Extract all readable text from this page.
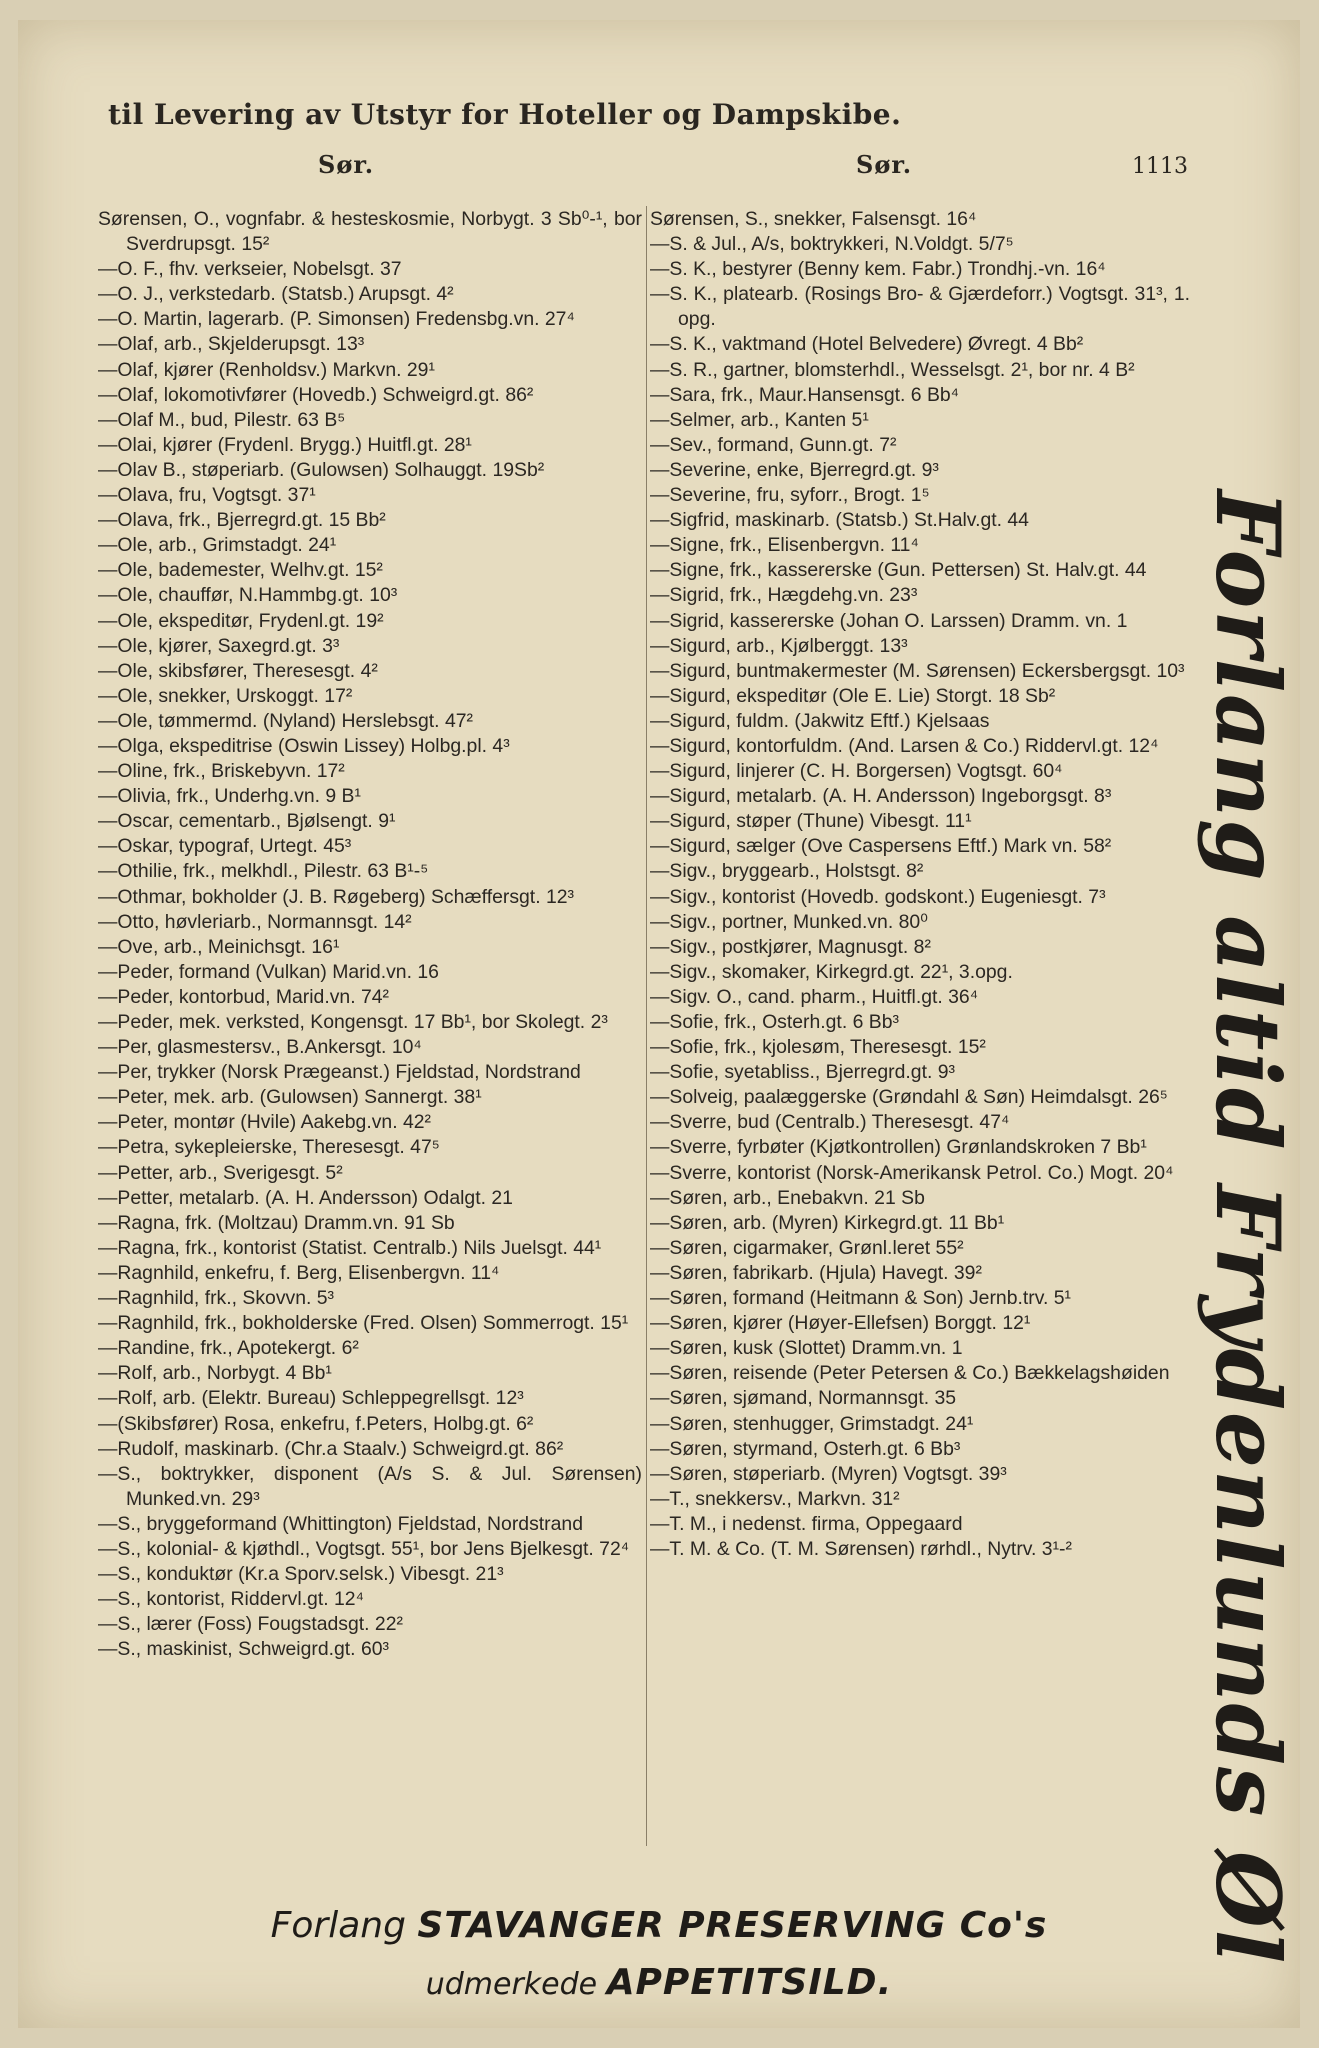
til Levering av Utstyr for Hoteller og Dampskibe.
Sør.	Sør.	1113

Sørensen, O., vognfabr. & hesteskosmie, Norbygt. 3 Sb⁰-¹, bor Sverdrupsgt. 15²

—O. F., fhv. verkseier, Nobelsgt. 37

—O. J., verkstedarb. (Statsb.) Arupsgt. 4²

—O. Martin, lagerarb. (P. Simonsen) Fredensbg.vn. 27⁴

—Olaf, arb., Skjelderupsgt. 13³

—Olaf, kjører (Renholdsv.) Markvn. 29¹

—Olaf, lokomotivfører (Hovedb.) Schweigrd.gt. 86²

—Olaf M., bud, Pilestr. 63 B⁵

—Olai, kjører (Frydenl. Brygg.) Huitfl.gt. 28¹

—Olav B., støperiarb. (Gulowsen) Solhauggt. 19Sb²

—Olava, fru, Vogtsgt. 37¹

—Olava, frk., Bjerregrd.gt. 15 Bb²

—Ole, arb., Grimstadgt. 24¹

—Ole, bademester, Welhv.gt. 15²

—Ole, chauffør, N.Hammbg.gt. 10³

—Ole, ekspeditør, Frydenl.gt. 19²

—Ole, kjører, Saxegrd.gt. 3³

—Ole, skibsfører, Theresesgt. 4²

—Ole, snekker, Urskoggt. 17²

—Ole, tømmermd. (Nyland) Herslebsgt. 47²

—Olga, ekspeditrise (Oswin Lissey) Holbg.pl. 4³

—Oline, frk., Briskebyvn. 17²

—Olivia, frk., Underhg.vn. 9 B¹

—Oscar, cementarb., Bjølsengt. 9¹

—Oskar, typograf, Urtegt. 45³

—Othilie, frk., melkhdl., Pilestr. 63 B¹-⁵

—Othmar, bokholder (J. B. Røgeberg) Schæffersgt. 12³

—Otto, høvleriarb., Normannsgt. 14²

—Ove, arb., Meinichsgt. 16¹

—Peder, formand (Vulkan) Marid.vn. 16

—Peder, kontorbud, Marid.vn. 74²

—Peder, mek. verksted, Kongensgt. 17 Bb¹, bor Skolegt. 2³

—Per, glasmestersv., B.Ankersgt. 10⁴

—Per, trykker (Norsk Prægeanst.) Fjeldstad, Nordstrand

—Peter, mek. arb. (Gulowsen) Sannergt. 38¹

—Peter, montør (Hvile) Aakebg.vn. 42²

—Petra, sykepleierske, Theresesgt. 47⁵

—Petter, arb., Sverigesgt. 5²

—Petter, metalarb. (A. H. Andersson) Odalgt. 21

—Ragna, frk. (Moltzau) Dramm.vn. 91 Sb

—Ragna, frk., kontorist (Statist. Centralb.) Nils Juelsgt. 44¹

—Ragnhild, enkefru, f. Berg, Elisenbergvn. 11⁴

—Ragnhild, frk., Skovvn. 5³

—Ragnhild, frk., bokholderske (Fred. Olsen) Sommerrogt. 15¹

—Randine, frk., Apotekergt. 6²

—Rolf, arb., Norbygt. 4 Bb¹

—Rolf, arb. (Elektr. Bureau) Schleppegrellsgt. 12³

—(Skibsfører) Rosa, enkefru, f.Peters, Holbg.gt. 6²

—Rudolf, maskinarb. (Chr.a Staalv.) Schweigrd.gt. 86²

—S., boktrykker, disponent (A/s S. & Jul. Sørensen) Munked.vn. 29³

—S., bryggeformand (Whittington) Fjeldstad, Nordstrand

—S., kolonial- & kjøthdl., Vogtsgt. 55¹, bor Jens Bjelkesgt. 72⁴

—S., konduktør (Kr.a Sporv.selsk.) Vibesgt. 21³

—S., kontorist, Riddervl.gt. 12⁴

—S., lærer (Foss) Fougstadsgt. 22²

—S., maskinist, Schweigrd.gt. 60³

Sørensen, S., snekker, Falsensgt. 16⁴

—S. & Jul., A/s, boktrykkeri, N.Voldgt. 5/7⁵

—S. K., bestyrer (Benny kem. Fabr.) Trondhj.-vn. 16⁴

—S. K., platearb. (Rosings Bro- & Gjærdeforr.) Vogtsgt. 31³, 1. opg.

—S. K., vaktmand (Hotel Belvedere) Øvregt. 4 Bb²

—S. R., gartner, blomsterhdl., Wesselsgt. 2¹, bor nr. 4 B²

—Sara, frk., Maur.Hansensgt. 6 Bb⁴

—Selmer, arb., Kanten 5¹

—Sev., formand, Gunn.gt. 7²

—Severine, enke, Bjerregrd.gt. 9³

—Severine, fru, syforr., Brogt. 1⁵

—Sigfrid, maskinarb. (Statsb.) St.Halv.gt. 44

—Signe, frk., Elisenbergvn. 11⁴

—Signe, frk., kassererske (Gun. Pettersen) St. Halv.gt. 44

—Sigrid, frk., Hægdehg.vn. 23³

—Sigrid, kassererske (Johan O. Larssen) Dramm. vn. 1

—Sigurd, arb., Kjølberggt. 13³

—Sigurd, buntmakermester (M. Sørensen) Eckersbergsgt. 10³

—Sigurd, ekspeditør (Ole E. Lie) Storgt. 18 Sb²

—Sigurd, fuldm. (Jakwitz Eftf.) Kjelsaas

—Sigurd, kontorfuldm. (And. Larsen & Co.) Riddervl.gt. 12⁴

—Sigurd, linjerer (C. H. Borgersen) Vogtsgt. 60⁴

—Sigurd, metalarb. (A. H. Andersson) Ingeborgsgt. 8³

—Sigurd, støper (Thune) Vibesgt. 11¹

—Sigurd, sælger (Ove Caspersens Eftf.) Mark vn. 58²

—Sigv., bryggearb., Holstsgt. 8²

—Sigv., kontorist (Hovedb. godskont.) Eugeniesgt. 7³

—Sigv., portner, Munked.vn. 80⁰

—Sigv., postkjører, Magnusgt. 8²

—Sigv., skomaker, Kirkegrd.gt. 22¹, 3.opg.

—Sigv. O., cand. pharm., Huitfl.gt. 36⁴

—Sofie, frk., Osterh.gt. 6 Bb³

—Sofie, frk., kjolesøm, Theresesgt. 15²

—Sofie, syetabliss., Bjerregrd.gt. 9³

—Solveig, paalæggerske (Grøndahl & Søn) Heimdalsgt. 26⁵

—Sverre, bud (Centralb.) Theresesgt. 47⁴

—Sverre, fyrbøter (Kjøtkontrollen) Grønlandskroken 7 Bb¹

—Sverre, kontorist (Norsk-Amerikansk Petrol. Co.) Mogt. 20⁴

—Søren, arb., Enebakvn. 21 Sb

—Søren, arb. (Myren) Kirkegrd.gt. 11 Bb¹

—Søren, cigarmaker, Grønl.leret 55²

—Søren, fabrikarb. (Hjula) Havegt. 39²

—Søren, formand (Heitmann & Son) Jernb.trv. 5¹

—Søren, kjører (Høyer-Ellefsen) Borggt. 12¹

—Søren, kusk (Slottet) Dramm.vn. 1

—Søren, reisende (Peter Petersen & Co.) Bækkelagshøiden

—Søren, sjømand, Normannsgt. 35

—Søren, stenhugger, Grimstadgt. 24¹

—Søren, styrmand, Osterh.gt. 6 Bb³

—Søren, støperiarb. (Myren) Vogtsgt. 39³

—T., snekkersv., Markvn. 31²

—T. M., i nedenst. firma, Oppegaard

—T. M. & Co. (T. M. Sørensen) rørhdl., Nytrv. 3¹-²	Forlang altid Frydenlunds Øl
Forlang STAVANGER PRESERVING Co's
udmerkede APPETITSILD.
